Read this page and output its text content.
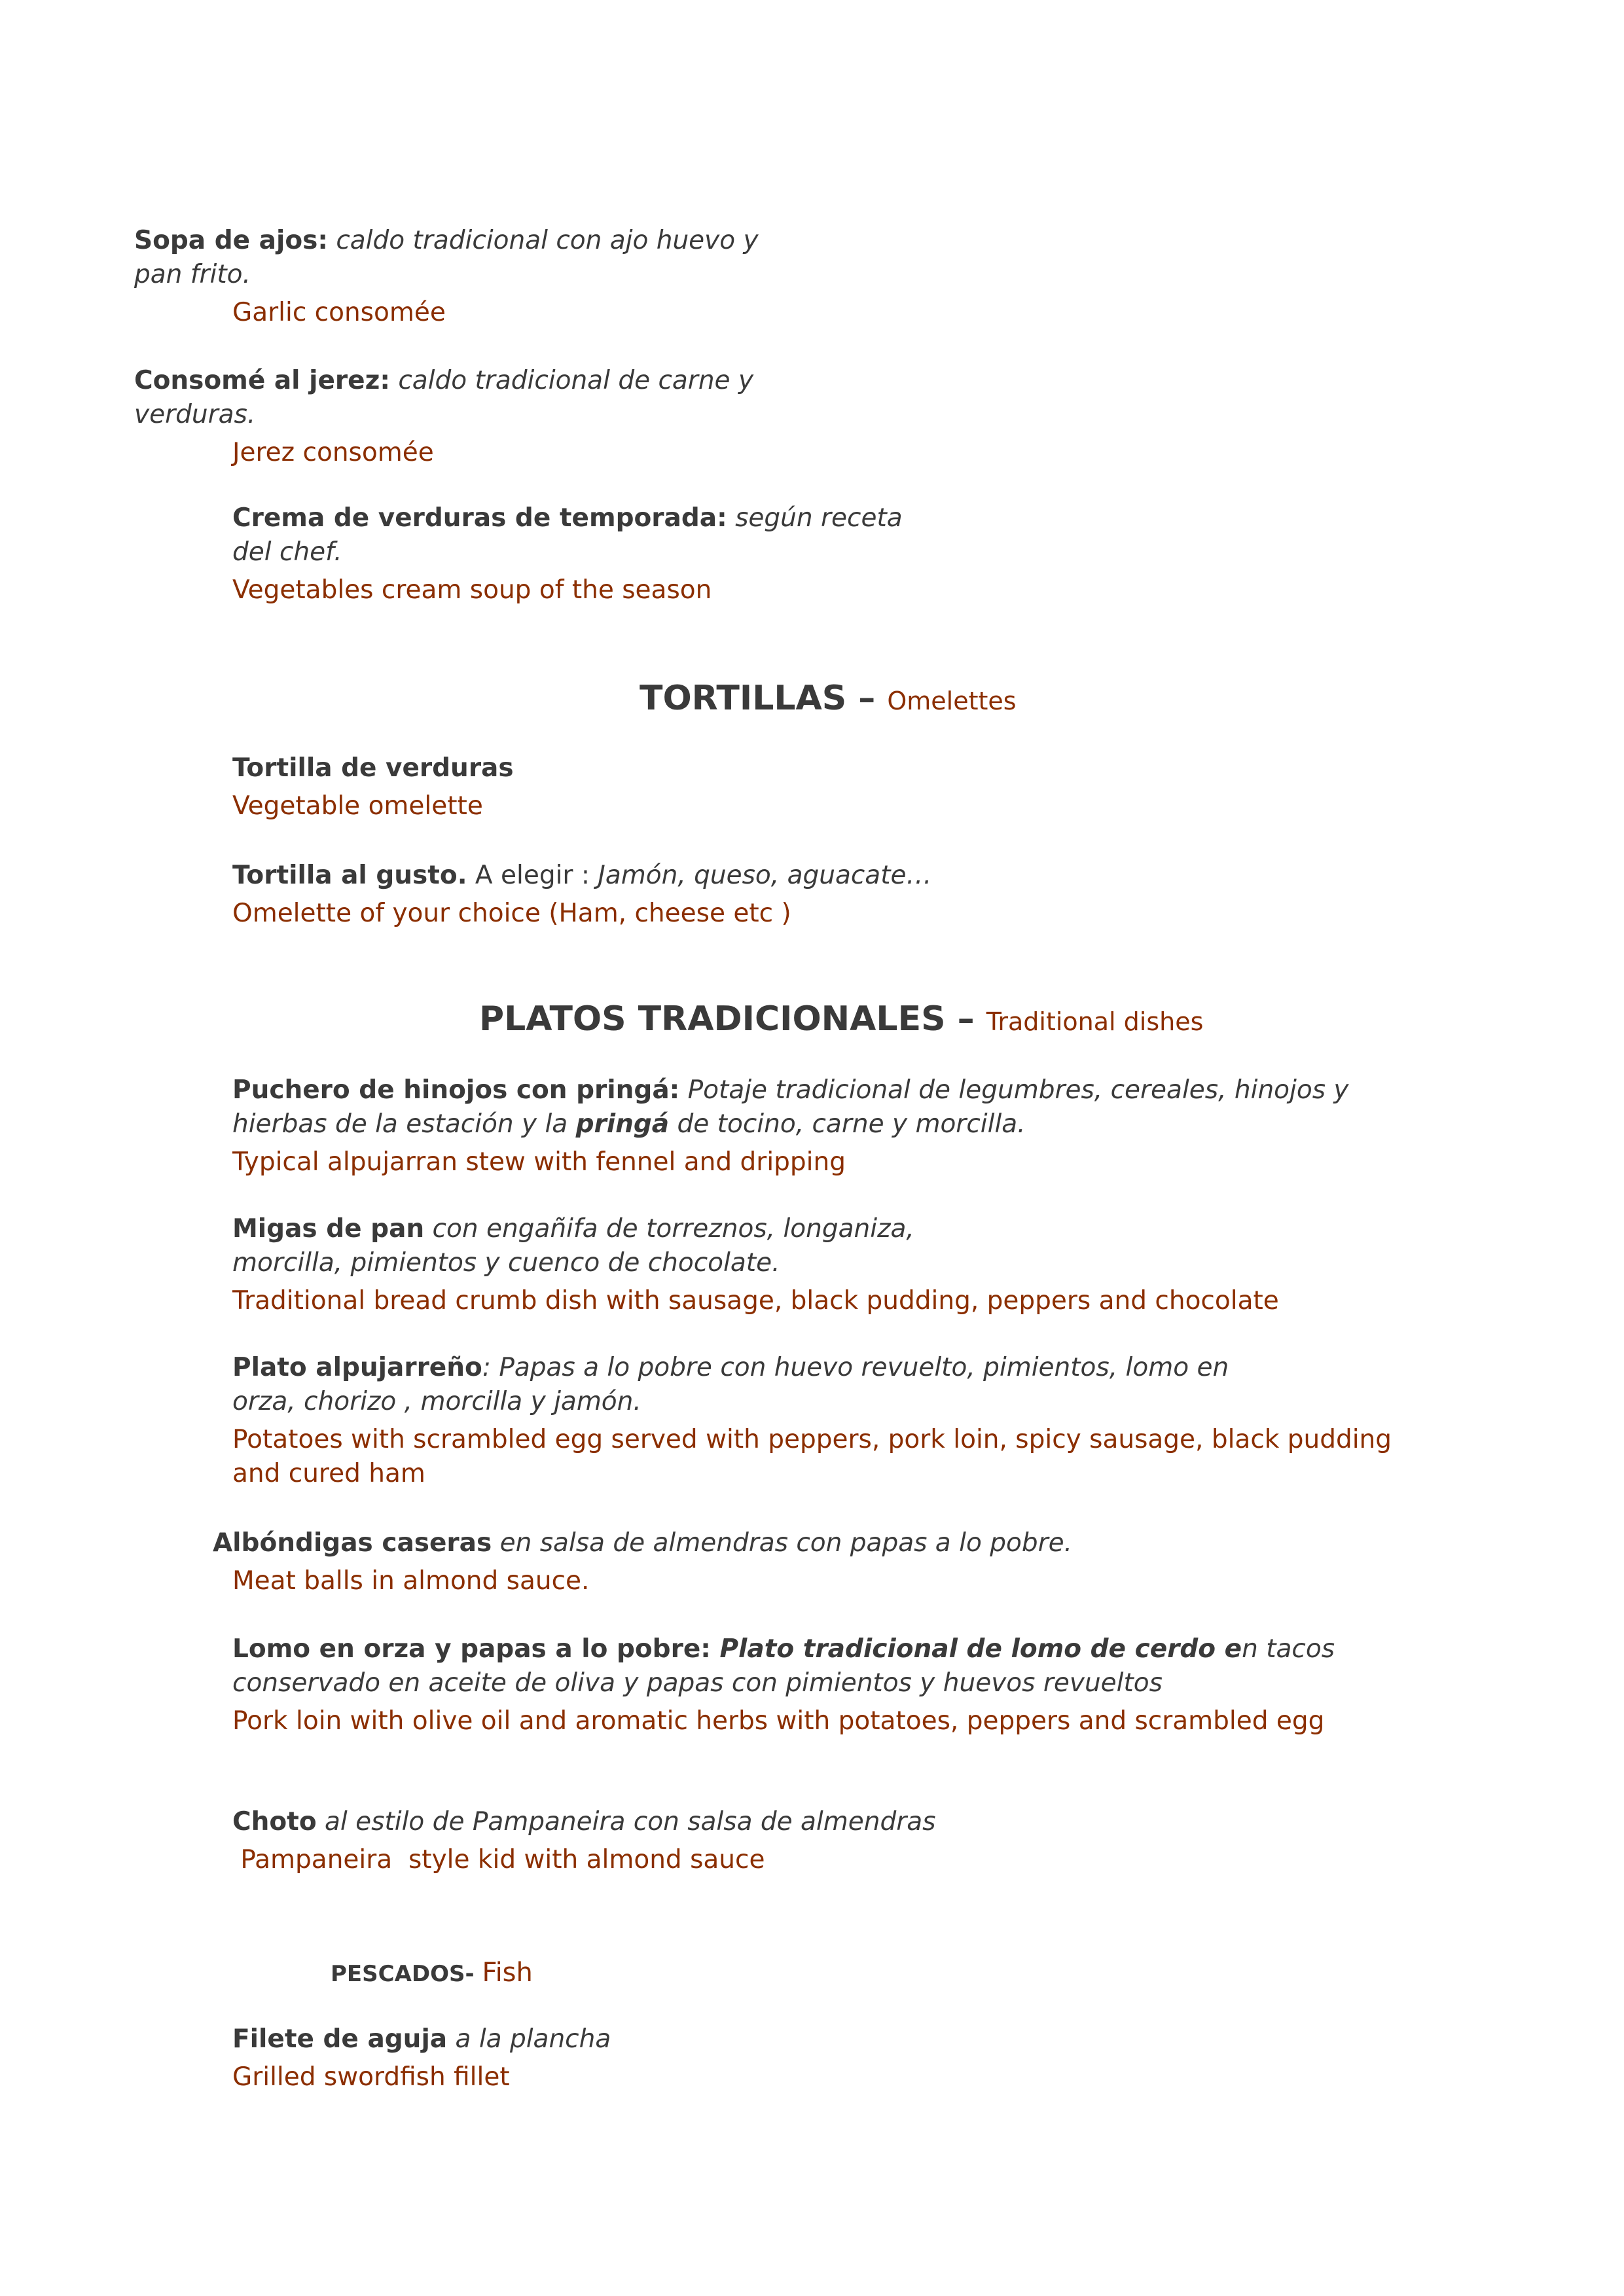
Sopa de ajos: caldo tradicional con ajo huevo y
pan frito.
Garlic consomée
Consomé al jerez: caldo tradicional de carne y
verduras.
Jerez consomée
Crema de verduras de temporada: según receta
del chef.
Vegetables cream soup of the season
TORTILLAS – Omelettes
Tortilla de verduras
Vegetable omelette
Tortilla al gusto. A elegir : Jamón, queso, aguacate…
Omelette of your choice (Ham, cheese etc )
PLATOS TRADICIONALES – Traditional dishes
Puchero de hinojos con pringá: Potaje tradicional de legumbres, cereales, hinojos y
hierbas de la estación y la pringá de tocino, carne y morcilla.
Typical alpujarran stew with fennel and dripping
Migas de pan con engañifa de torreznos, longaniza,
morcilla, pimientos y cuenco de chocolate.
Traditional bread crumb dish with sausage, black pudding, peppers and chocolate
Plato alpujarreño: Papas a lo pobre con huevo revuelto, pimientos, lomo en
orza, chorizo , morcilla y jamón.
Potatoes with scrambled egg served with peppers, pork loin, spicy sausage, black pudding
and cured ham
Albóndigas caseras en salsa de almendras con papas a lo pobre.
Meat balls in almond sauce.
Lomo en orza y papas a lo pobre: Plato tradicional de lomo de cerdo en tacos
conservado en aceite de oliva y papas con pimientos y huevos revueltos
Pork loin with olive oil and aromatic herbs with potatoes, peppers and scrambled egg
Choto al estilo de Pampaneira con salsa de almendras
Pampaneira  style kid with almond sauce
PESCADOS- Fish
Filete de aguja a la plancha
Grilled swordfish fillet
